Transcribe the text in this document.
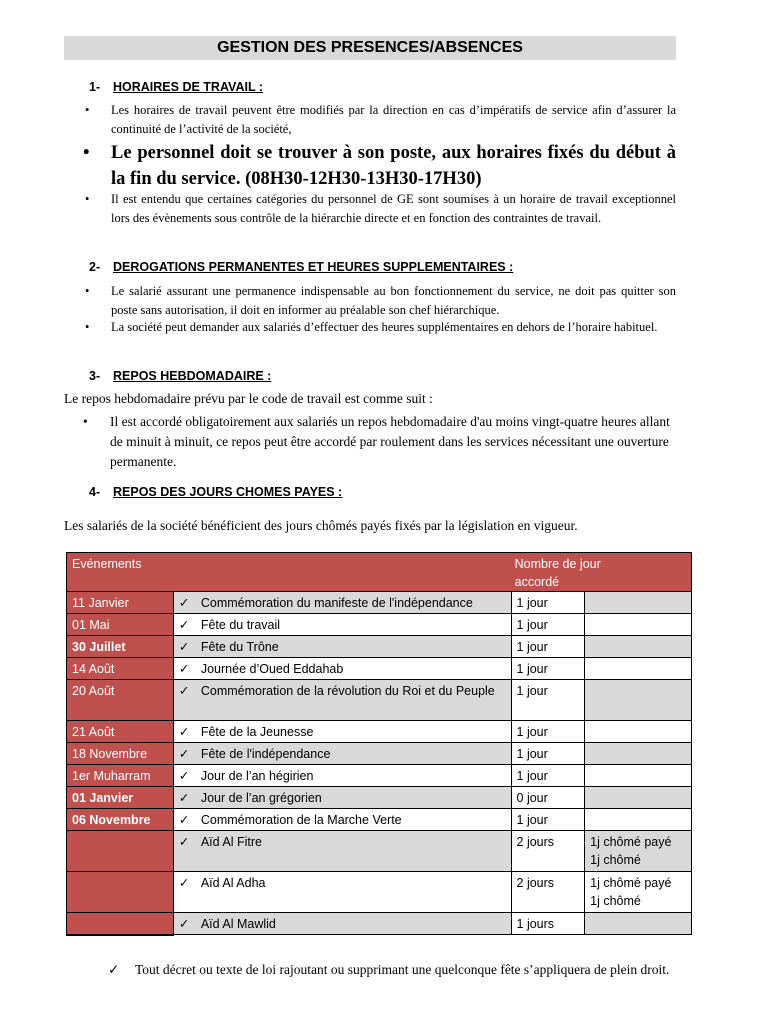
GESTION DES PRESENCES/ABSENCES
1- HORAIRES DE TRAVAIL :
• Les horaires de travail peuvent être modifiés par la direction en cas d’impératifs de service afin d’assurer la continuité de l’activité de la société,
• Le personnel doit se trouver à son poste, aux horaires fixés du début à la fin du service. (08H30-12H30-13H30-17H30)
• Il est entendu que certaines catégories du personnel de GE sont soumises à un horaire de travail exceptionnel lors des évènements sous contrôle de la hiérarchie directe et en fonction des contraintes de travail.
2- DEROGATIONS PERMANENTES ET HEURES SUPPLEMENTAIRES :
• Le salarié assurant une permanence indispensable au bon fonctionnement du service, ne doit pas quitter son poste sans autorisation, il doit en informer au préalable son chef hiérarchique.
• La société peut demander aux salariés d’effectuer des heures supplémentaires en dehors de l’horaire habituel.
3- REPOS HEBDOMADAIRE :
Le repos hebdomadaire prévu par le code de travail est comme suit :
• Il est accordé obligatoirement aux salariés un repos hebdomadaire d'au moins vingt-quatre heures allant de minuit à minuit, ce repos peut être accordé par roulement dans les services nécessitant une ouverture permanente.
4- REPOS DES JOURS CHOMES PAYES :
Les salariés de la société bénéficient des jours chômés payés fixés par la législation en vigueur.
Evénements			Nombre de jour accordé

11 Janvier	✓ Commémoration du manifeste de l'indépendance	1 jour	
01 Mai	✓ Fête du travail	1 jour	
30 Juillet	✓ Fête du Trône	1 jour	
14 Août	✓ Journée d’Oued Eddahab	1 jour	
20 Août	✓ Commémoration de la révolution du Roi et du Peuple	1 jour	
21 Août	✓ Fête de la Jeunesse	1 jour	
18 Novembre	✓ Fête de l'indépendance	1 jour	
1er Muharram	✓ Jour de l’an hégirien	1 jour	
01 Janvier	✓ Jour de l’an grégorien	0 jour	
06 Novembre	✓ Commémoration de la Marche Verte	1 jour	
	✓ Aïd Al Fitre	2 jours	1j chômé payé
1j chômé

	✓ Aïd Al Adha	2 jours	1j chômé payé
1j chômé

	✓ Aïd Al Mawlid	1 jours	
✓	Tout décret ou texte de loi rajoutant ou supprimant une quelconque fête s’appliquera de plein droit.
